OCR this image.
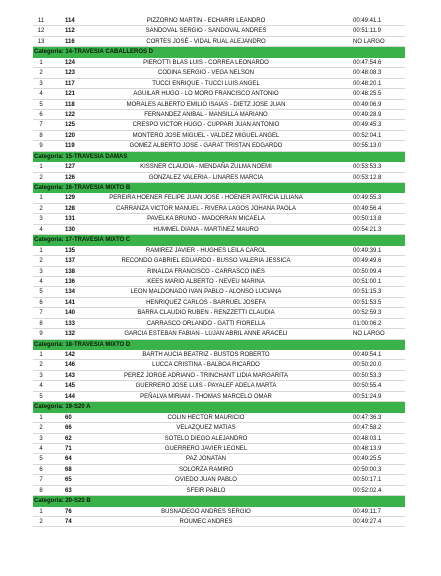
11	114	PIZZORNO MARTIN - ECHARRI LEANDRO	00:49:41.1
12	112	SANDOVAL SERGIO - SANDOVAL ANDRES	00:51:11.9
13	116	CORTES JOSÉ - VIDAL RUAL ALEJANDRO	NO LARGO
Categoria: 14- TRAVESIA CABALLEROS D
1	124	PIEROTTI BLAS LUIS - CORREA LEONARDO	00:47:54.6
2	123	CODINA SERGIO - VEGA NELSON	00:48:08.3
3	117	TUCCI ENRIQUE - TUCCI LUIS ANGEL	00:48:20.1
4	121	AGUILAR HUGO - LO MORO FRANCISCO ANTONIO	00:48:25.5
5	118	MORALES ALBERTO EMILIO ISAIAS - DIETZ JOSE JUAN	00:49:06.9
6	122	FERNANDEZ ANIBAL - MANSILLA MARIANO	00:49:28.9
7	125	CRESPO VICTOR HUGO - CUPPARI JUAN ANTONIO	00:49:45.3
8	120	MONTERO JOSE MIGUEL - VALDEZ MIGUEL ANGEL	00:52:04.1
9	119	GOMEZ ALBERTO JOSE - GARAT TRISTAN EDGARDO	00:55:13.0
Categoria: 15- TRAVESIA DAMAS
1	127	KISSNER CLAUDIA - MENDAÑA ZULMA NOEMI	00:53:53.3
2	126	GONZALEZ VALERIA - LINARES MARCIA	00:53:12.8
Categoria: 16- TRAVESIA MIXTO B
1	129	PEREIRA HOENER FELIPE JUAN JOSE - HOENER PATRICIA LILIANA	00:49:55.3
2	128	CARRANZA VICTOR MANUEL - RIVERA LAGOS JOHANA PAOLA	00:49:56.4
3	131	PAVELKA BRUNO - MADORRAN MICAELA	00:50:13.8
4	130	HUMMEL DIANA - MARTINEZ MAURO	00:54:21.3
Categoria: 17- TRAVESIA MIXTO C
1	135	RAMIREZ JAVIER - HUGHES LEILA CAROL	00:49:39.1
2	137	RECONDO GABRIEL EDUARDO - BUSSO VALERIA JESSICA	00:49:49.6
3	138	RINALDA FRANCISCO - CARRASCO INES	00:50:09.4
4	136	KEES MARIO ALBERTO - NEVEU MARINA	00:51:00.1
5	134	LEON MALDONADO IVAN PABLO - ALONSO LUCIANA	00:51:15.3
6	141	HENRIQUEZ CARLOS - BARRUEL JOSEFA	00:51:53.5
7	140	BARRA CLAUDIO RUBEN - RENZZETTI CLAUDIA	00:52:59.3
8	133	CARRASCO ORLANDO - GATTI FIORELLA	01:00:06.2
9	132	GARCIA ESTEBAN FABIAN - LUJAN ABRIL ANNE ARACELI	NO LARGO
Categoria: 18- TRAVESIA MIXTO D
1	142	BARTH AUCIA BEATRIZ - BUSTOS ROBERTO	00:49:54.1
2	146	LUCCA CRISTINA - BALBOA RICARDO	00:50:20.0
3	143	PEREZ JORGE ADRIANO - TRINCHANT LIDIA MARGARITA	00:50:53.3
4	145	GUERRERO JOSE LUIS - PAYALEF ADELA MARTA	00:50:55.4
5	144	PEÑALVA MIRIAM - THOMAS MARCELO OMAR	00:51:24.9
Categoria: 19- S20 A
1	60	COLIN HECTOR MAURICIO	00:47:36.3
2	66	VELAZQUEZ MATIAS	00:47:58.2
3	62	SOTELO DIEGO ALEJANDRO	00:48:03.1
4	71	GUERRERO JAVIER LEONEL	00:48:13.9
5	64	PAZ JONATAN	00:49:25.5
6	68	SOLORZA RAMIRO	00:50:00.3
7	65	OVIEDO JUAN PABLO	00:50:17.1
8	63	SFEIR PABLO	00:52:02.4
Categoria: 20- S20 B
1	76	BUSNADEGO ANDRES SERGIO	00:49:11.7
2	74	ROUMEC ANDRES	00:49:27.4
